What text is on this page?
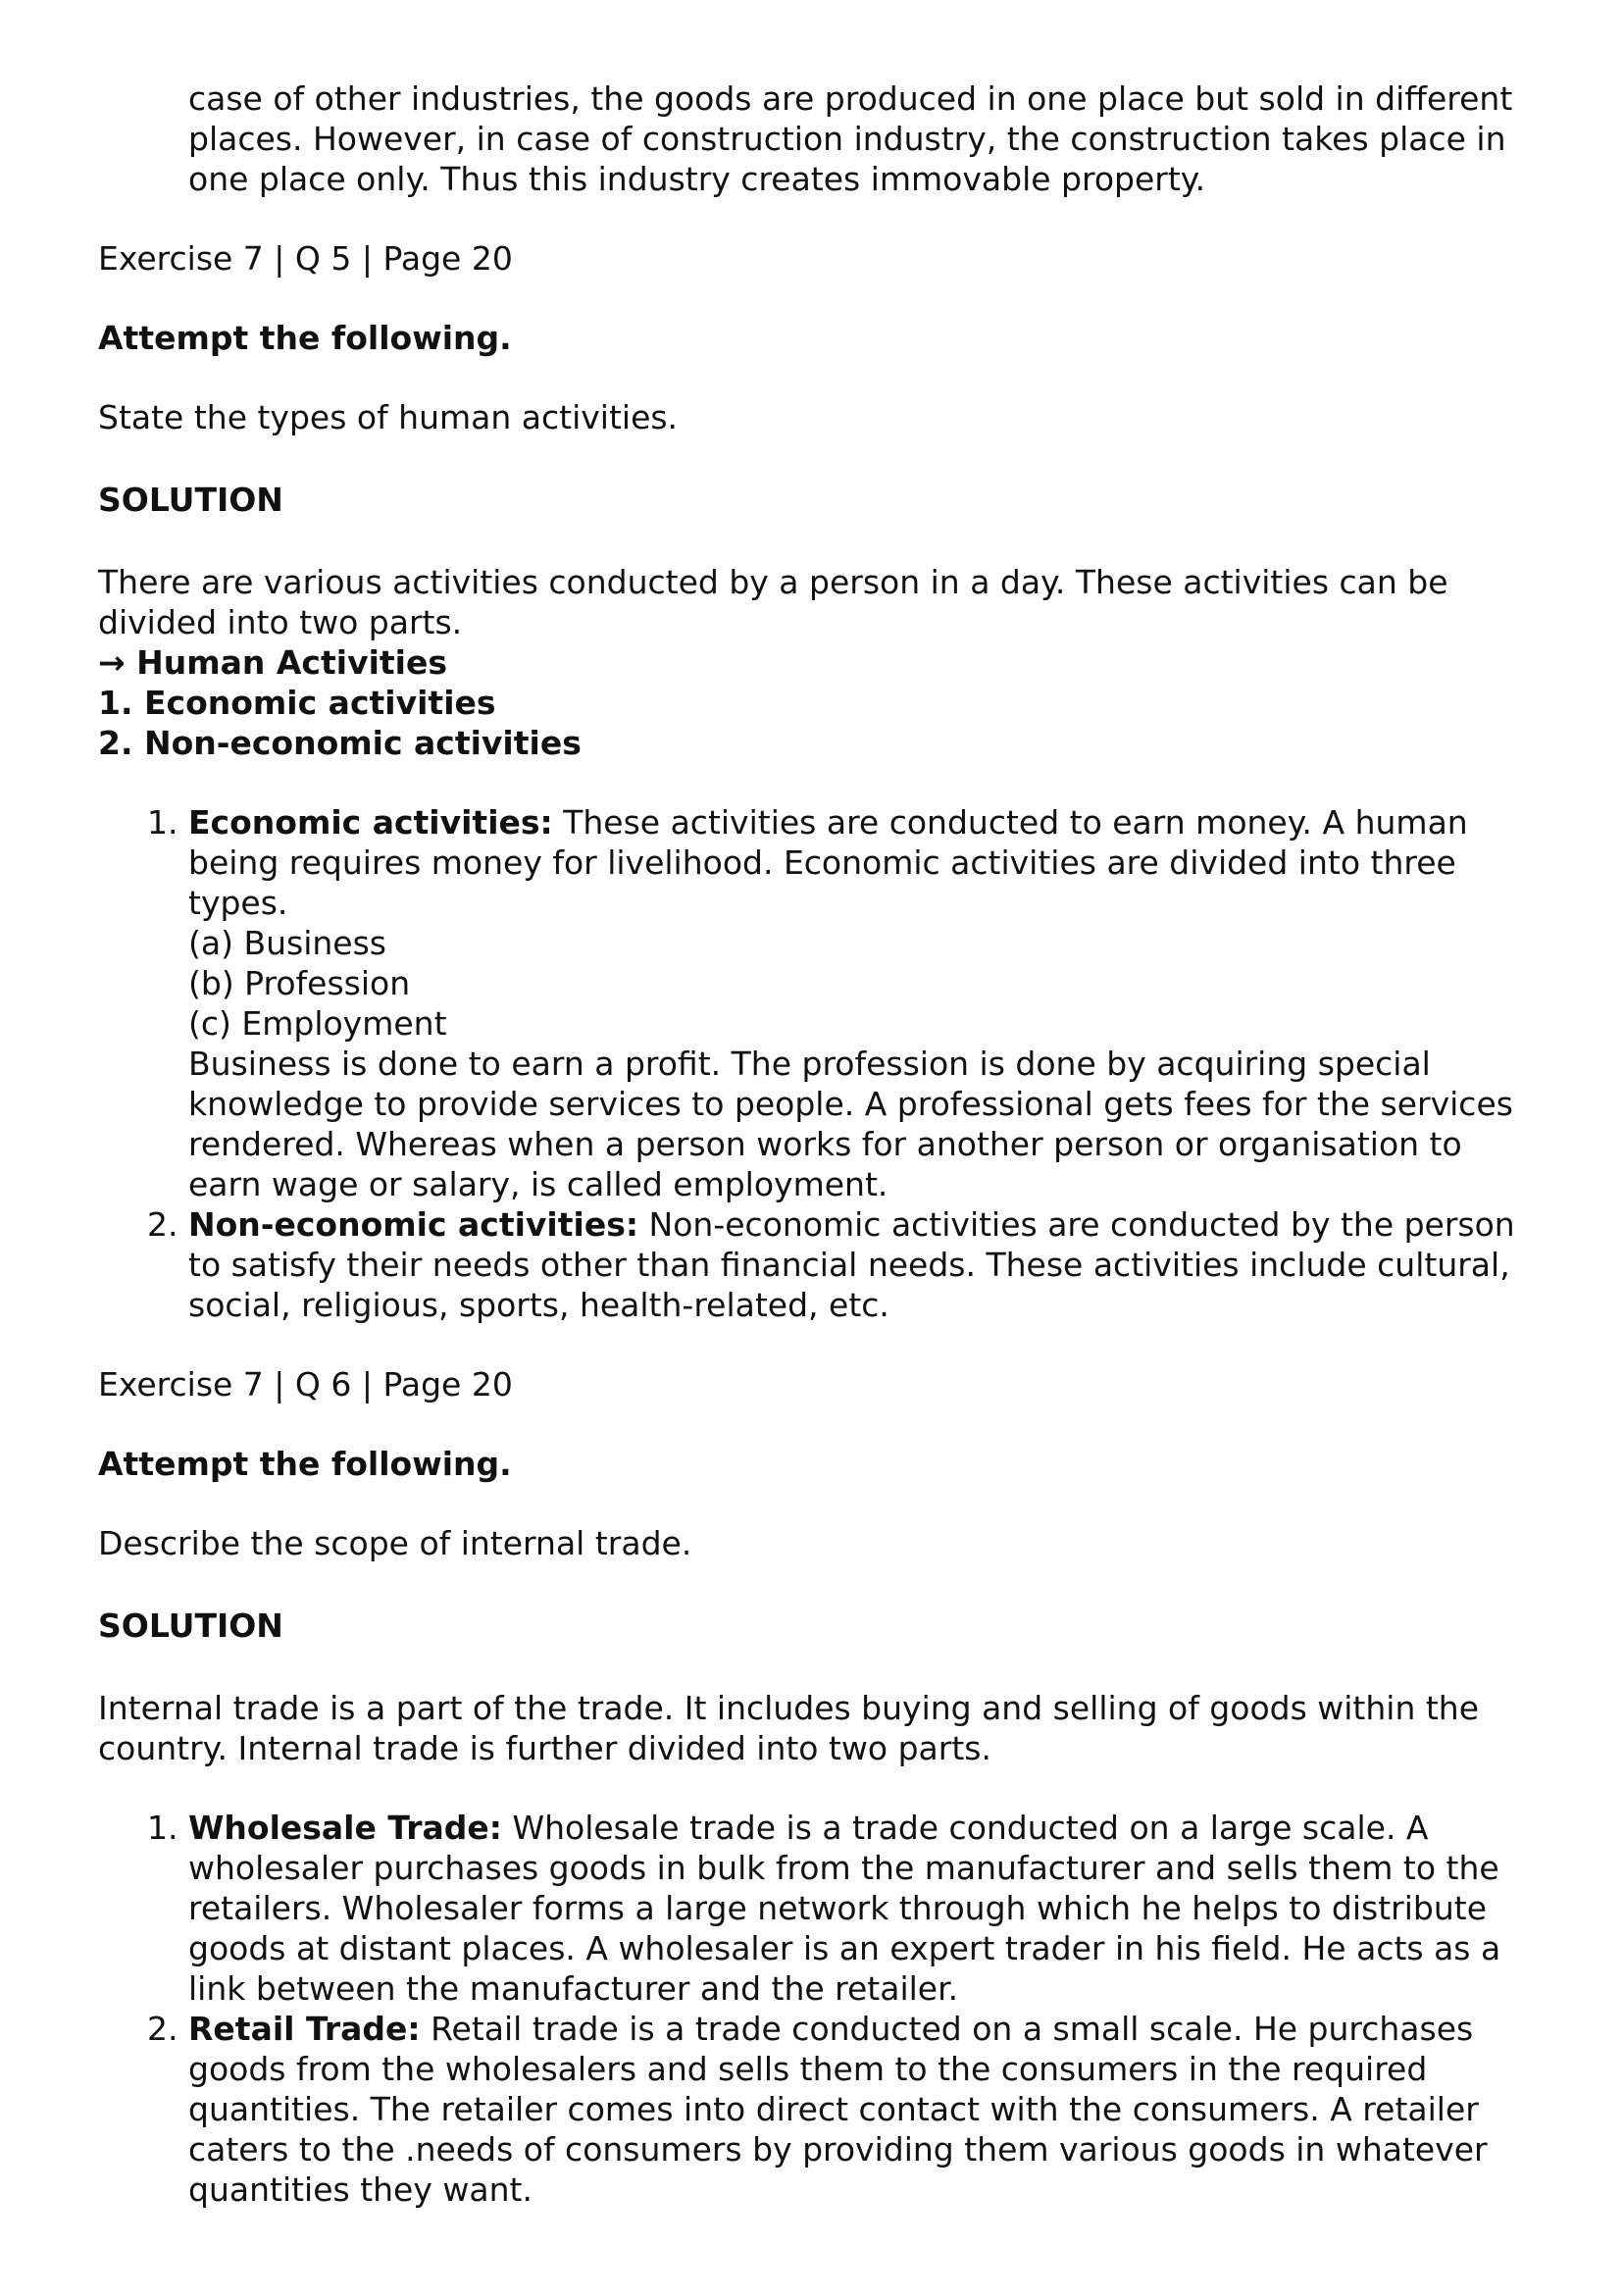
case of other industries, the goods are produced in one place but sold in different places. However, in case of construction industry, the construction takes place in one place only. Thus this industry creates immovable property.

Exercise 7 | Q 5 | Page 20

Attempt the following.

State the types of human activities.

SOLUTION

There are various activities conducted by a person in a day. These activities can be divided into two parts.

→ Human Activities

1. Economic activities

2. Non-economic activities

1. Economic activities: These activities are conducted to earn money. A human being requires money for livelihood. Economic activities are divided into three types.
(a) Business
(b) Profession
(c) Employment
Business is done to earn a profit. The profession is done by acquiring special knowledge to provide services to people. A professional gets fees for the services rendered. Whereas when a person works for another person or organisation to earn wage or salary, is called employment.
2. Non-economic activities: Non-economic activities are conducted by the person to satisfy their needs other than financial needs. These activities include cultural, social, religious, sports, health-related, etc.

Exercise 7 | Q 6 | Page 20

Attempt the following.

Describe the scope of internal trade.

SOLUTION

Internal trade is a part of the trade. It includes buying and selling of goods within the country. Internal trade is further divided into two parts.

1. Wholesale Trade: Wholesale trade is a trade conducted on a large scale. A wholesaler purchases goods in bulk from the manufacturer and sells them to the retailers. Wholesaler forms a large network through which he helps to distribute goods at distant places. A wholesaler is an expert trader in his field. He acts as a link between the manufacturer and the retailer.
2. Retail Trade: Retail trade is a trade conducted on a small scale. He purchases goods from the wholesalers and sells them to the consumers in the required quantities. The retailer comes into direct contact with the consumers. A retailer caters to the .needs of consumers by providing them various goods in whatever quantities they want.
